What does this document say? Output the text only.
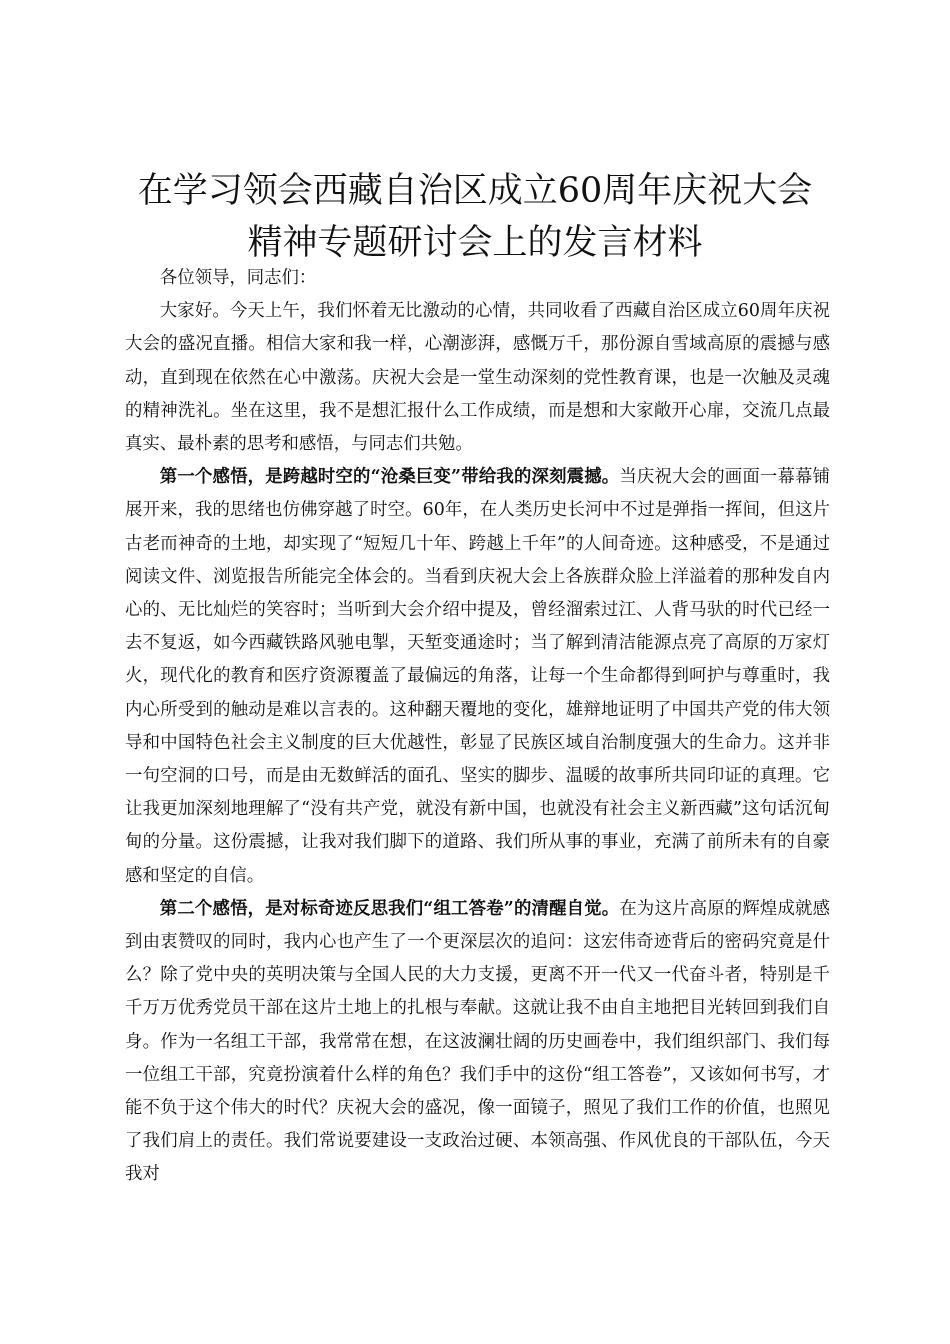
在学习领会西藏自治区成立60周年庆祝大会
精神专题研讨会上的发言材料

各位领导，同志们：

大家好。今天上午，我们怀着无比激动的心情，共同收看了西藏自治区成立60周年庆祝大会的盛况直播。相信大家和我一样，心潮澎湃，感慨万千，那份源自雪域高原的震撼与感动，直到现在依然在心中激荡。庆祝大会是一堂生动深刻的党性教育课，也是一次触及灵魂的精神洗礼。坐在这里，我不是想汇报什么工作成绩，而是想和大家敞开心扉，交流几点最真实、最朴素的思考和感悟，与同志们共勉。

第一个感悟，是跨越时空的“沧桑巨变”带给我的深刻震撼。当庆祝大会的画面一幕幕铺展开来，我的思绪也仿佛穿越了时空。60年，在人类历史长河中不过是弹指一挥间，但这片古老而神奇的土地，却实现了“短短几十年、跨越上千年”的人间奇迹。这种感受，不是通过阅读文件、浏览报告所能完全体会的。当看到庆祝大会上各族群众脸上洋溢着的那种发自内心的、无比灿烂的笑容时；当听到大会介绍中提及，曾经溜索过江、人背马驮的时代已经一去不复返，如今西藏铁路风驰电掣，天堑变通途时；当了解到清洁能源点亮了高原的万家灯火，现代化的教育和医疗资源覆盖了最偏远的角落，让每一个生命都得到呵护与尊重时，我内心所受到的触动是难以言表的。这种翻天覆地的变化，雄辩地证明了中国共产党的伟大领导和中国特色社会主义制度的巨大优越性，彰显了民族区域自治制度强大的生命力。这并非一句空洞的口号，而是由无数鲜活的面孔、坚实的脚步、温暖的故事所共同印证的真理。它让我更加深刻地理解了“没有共产党，就没有新中国，也就没有社会主义新西藏”这句话沉甸甸的分量。这份震撼，让我对我们脚下的道路、我们所从事的事业，充满了前所未有的自豪感和坚定的自信。

第二个感悟，是对标奇迹反思我们“组工答卷”的清醒自觉。在为这片高原的辉煌成就感到由衷赞叹的同时，我内心也产生了一个更深层次的追问：这宏伟奇迹背后的密码究竟是什么？除了党中央的英明决策与全国人民的大力支援，更离不开一代又一代奋斗者，特别是千千万万优秀党员干部在这片土地上的扎根与奉献。这就让我不由自主地把目光转回到我们自身。作为一名组工干部，我常常在想，在这波澜壮阔的历史画卷中，我们组织部门、我们每一位组工干部，究竟扮演着什么样的角色？我们手中的这份“组工答卷”，又该如何书写，才能不负于这个伟大的时代？庆祝大会的盛况，像一面镜子，照见了我们工作的价值，也照见了我们肩上的责任。我们常说要建设一支政治过硬、本领高强、作风优良的干部队伍，今天我对
